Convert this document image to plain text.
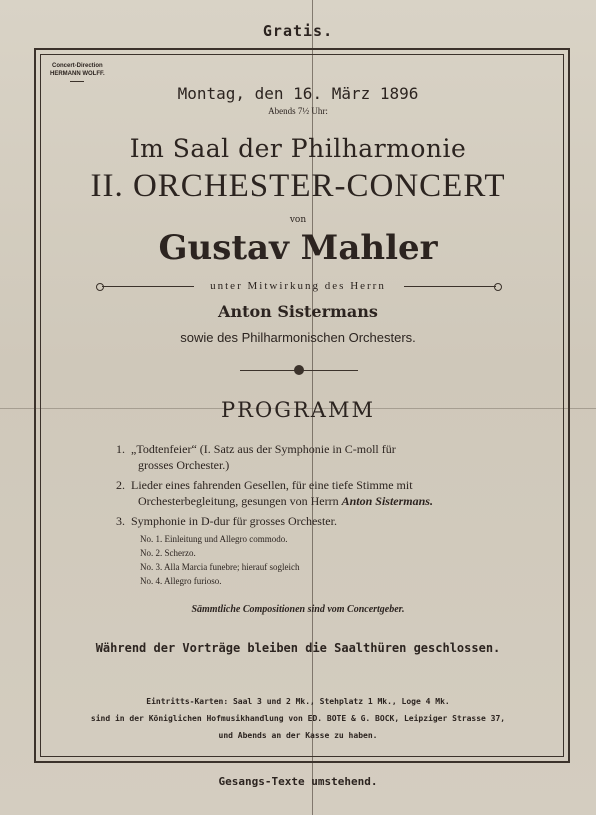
Gratis.
Concert-Direction
HERMANN WOLFF.
Montag, den 16. März 1896
Abends 7½ Uhr:
Im Saal der Philharmonie
II. ORCHESTER-CONCERT
von
Gustav Mahler
unter Mitwirkung des Herrn
Anton Sistermans
sowie des Philharmonischen Orchesters.
PROGRAMM
1. „Todtenfeier“ (I. Satz aus der Symphonie in C-moll für
grosses Orchester.)
2. Lieder eines fahrenden Gesellen, für eine tiefe Stimme mit
Orchesterbegleitung, gesungen von Herrn Anton Sistermans.
3. Symphonie in D-dur für grosses Orchester.
No. 1. Einleitung und Allegro commodo.
No. 2. Scherzo.
No. 3. Alla Marcia funebre; hierauf sogleich
No. 4. Allegro furioso.
Sämmtliche Compositionen sind vom Concertgeber.
Während der Vorträge bleiben die Saalthüren geschlossen.
Eintritts-Karten: Saal 3 und 2 Mk., Stehplatz 1 Mk., Loge 4 Mk.
sind in der Königlichen Hofmusikhandlung von ED. BOTE & G. BOCK, Leipziger Strasse 37,
und Abends an der Kasse zu haben.
Gesangs-Texte umstehend.
